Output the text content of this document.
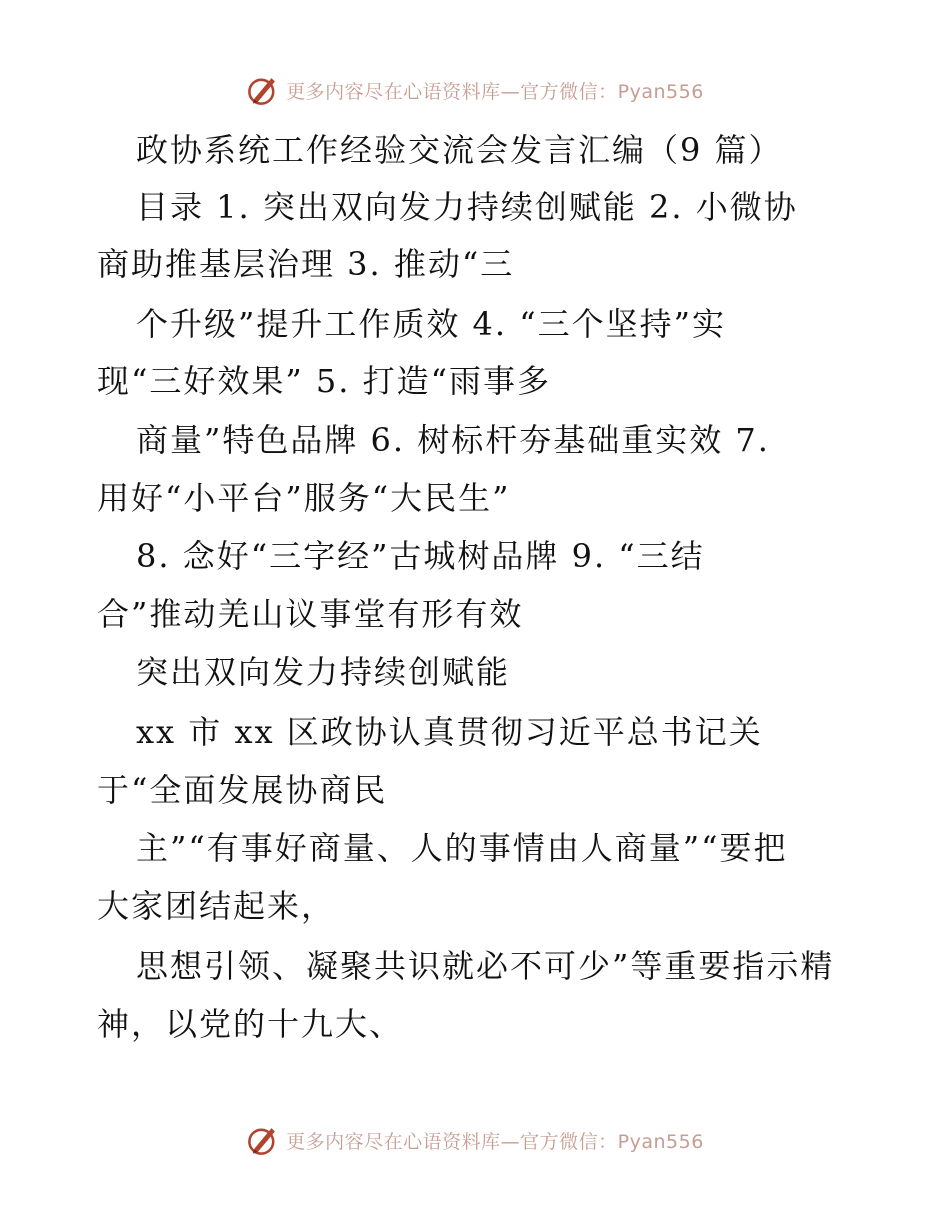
更多内容尽在心语资料库—官方微信：Pyan556
政协系统工作经验交流会发言汇编（9 篇）
目录 1. 突出双向发力持续创赋能 2. 小微协
商助推基层治理 3. 推动“三
个升级”提升工作质效 4. “三个坚持”实
现“三好效果” 5. 打造“雨事多
商量”特色品牌 6. 树标杆夯基础重实效 7.
用好“小平台”服务“大民生”
8. 念好“三字经”古城树品牌 9. “三结
合”推动羌山议事堂有形有效
突出双向发力持续创赋能
xx 市 xx 区政协认真贯彻习近平总书记关
于“全面发展协商民
主”“有事好商量、人的事情由人商量”“要把
大家团结起来，
思想引领、凝聚共识就必不可少”等重要指示精
神，以党的十九大、
更多内容尽在心语资料库—官方微信：Pyan556
